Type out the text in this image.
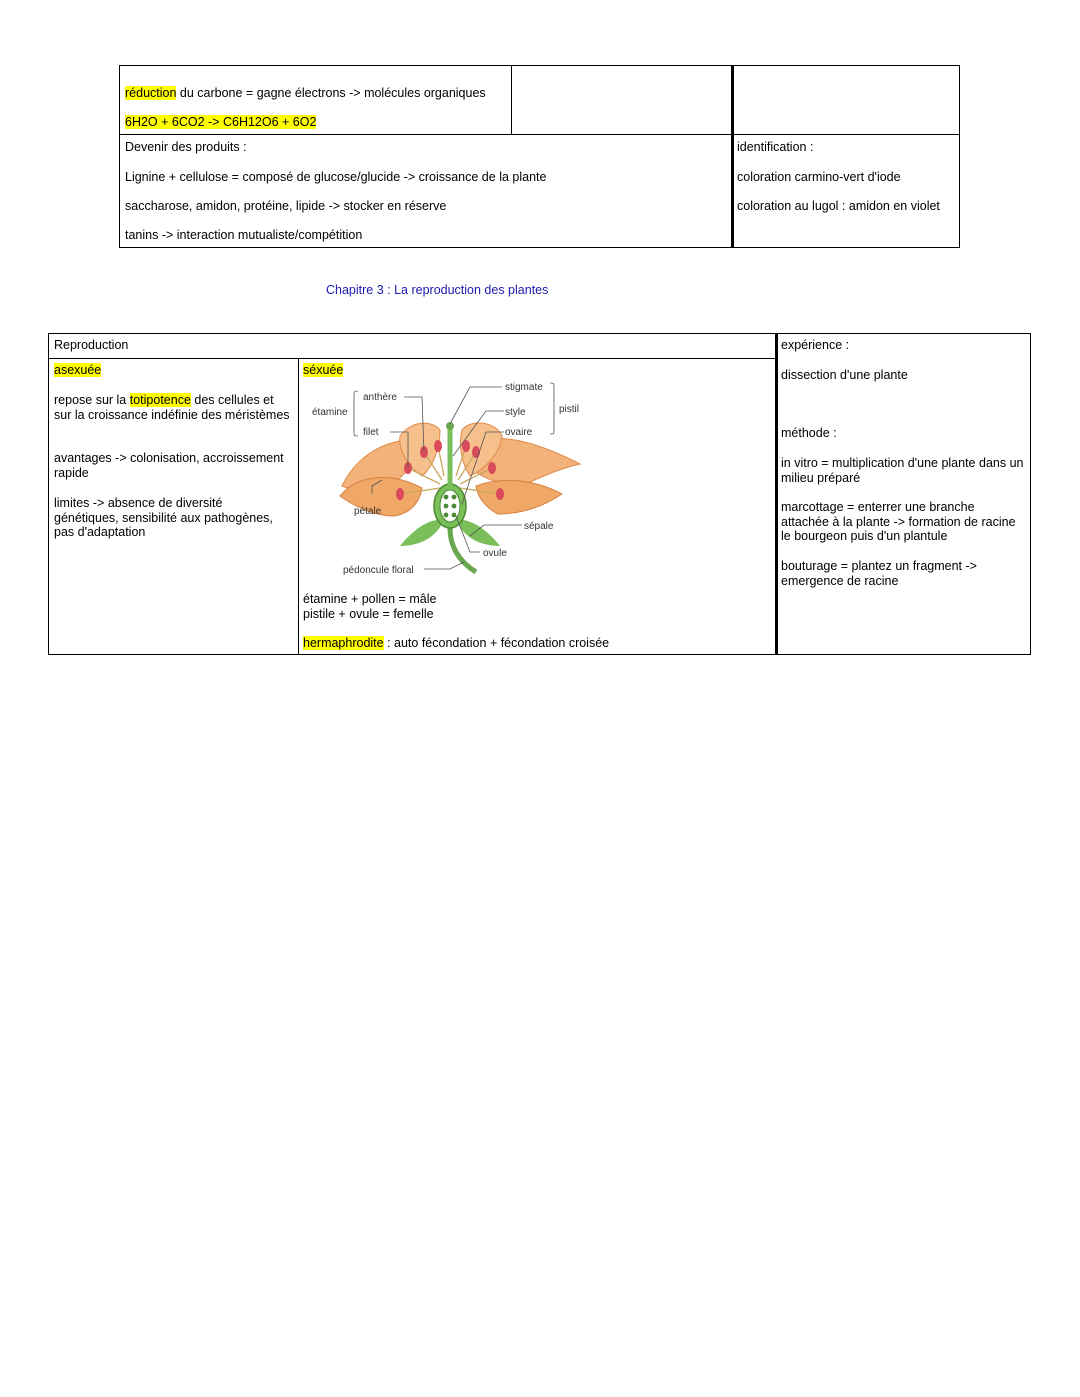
réduction du carbone = gagne électrons -> molécules organiques
6H2O + 6CO2 -> C6H12O6 + 6O2
Devenir des produits :
Lignine + cellulose = composé de glucose/glucide -> croissance de la plante
saccharose, amidon, protéine, lipide -> stocker en réserve
tanins -> interaction mutualiste/compétition
identification :
coloration carmino-vert d'iode
coloration au lugol : amidon en violet
Chapitre 3 : La reproduction des plantes
Reproduction
asexuée
repose sur la totipotence des cellules et sur la croissance indéfinie des méristèmes
avantages -> colonisation, accroissement rapide
limites -> absence de diversité génétiques, sensibilité aux pathogènes, pas d'adaptation
séxuée
anthère
étamine
filet
stigmate
style
ovaire
pistil
pétale
sépale
ovule
pédoncule floral
étamine + pollen = mâle
pistile + ovule = femelle
hermaphrodite : auto fécondation + fécondation croisée
expérience :
dissection d'une plante
méthode :
in vitro = multiplication d'une plante dans un milieu préparé
marcottage = enterrer une branche attachée à la plante -> formation de racine le bourgeon puis d'un plantule
bouturage = plantez un fragment -> emergence de racine
